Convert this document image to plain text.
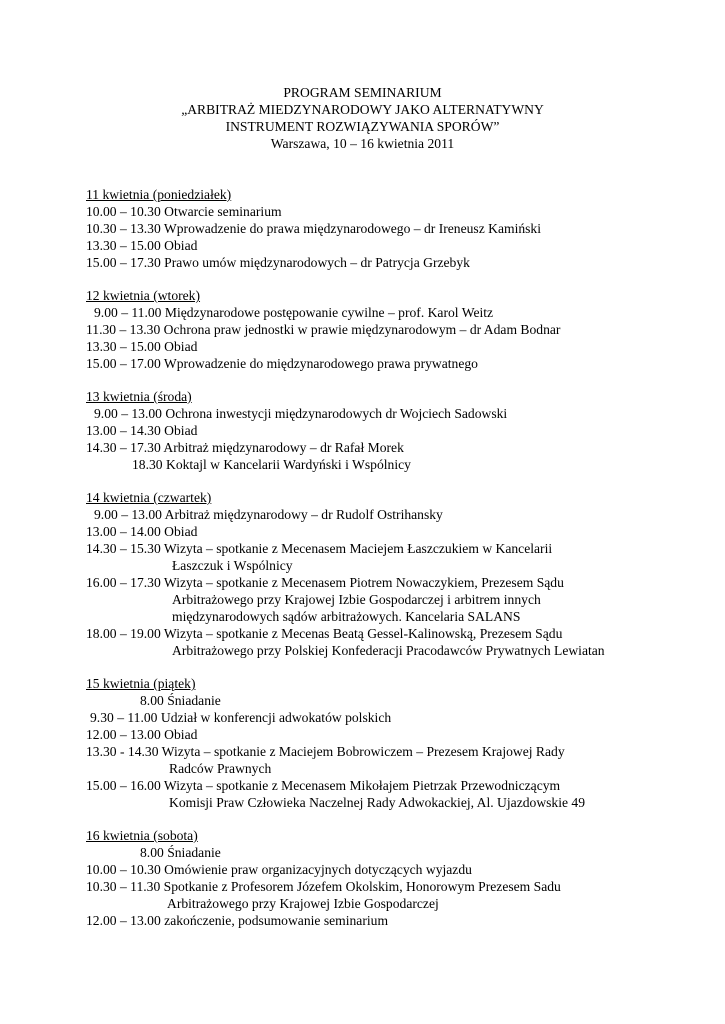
PROGRAM SEMINARIUM
„ARBITRAŻ MIEDZYNARODOWY JAKO ALTERNATYWNY
INSTRUMENT ROZWIĄZYWANIA SPORÓW”
Warszawa, 10 – 16 kwietnia 2011
11 kwietnia (poniedziałek)
10.00 – 10.30 Otwarcie seminarium
10.30 – 13.30 Wprowadzenie do prawa międzynarodowego – dr Ireneusz Kamiński
13.30 – 15.00 Obiad
15.00 – 17.30 Prawo umów międzynarodowych – dr Patrycja Grzebyk
12 kwietnia (wtorek)
9.00 – 11.00 Międzynarodowe postępowanie cywilne – prof. Karol Weitz
11.30 – 13.30 Ochrona praw jednostki w prawie międzynarodowym – dr Adam Bodnar
13.30 – 15.00 Obiad
15.00 – 17.00 Wprowadzenie do międzynarodowego prawa prywatnego
13 kwietnia (środa)
9.00 – 13.00 Ochrona inwestycji międzynarodowych dr Wojciech Sadowski
13.00 – 14.30 Obiad
14.30 – 17.30 Arbitraż międzynarodowy – dr Rafał Morek
18.30 Koktajl w Kancelarii Wardyński i Wspólnicy
14 kwietnia (czwartek)
9.00 – 13.00 Arbitraż międzynarodowy – dr Rudolf Ostrihansky
13.00 – 14.00 Obiad
14.30 – 15.30 Wizyta – spotkanie z Mecenasem Maciejem Łaszczukiem w Kancelarii
Łaszczuk i Wspólnicy
16.00 – 17.30 Wizyta – spotkanie z Mecenasem Piotrem Nowaczykiem, Prezesem Sądu
Arbitrażowego przy Krajowej Izbie Gospodarczej i arbitrem innych
międzynarodowych sądów arbitrażowych. Kancelaria SALANS
18.00 – 19.00 Wizyta – spotkanie z Mecenas Beatą Gessel-Kalinowską, Prezesem Sądu
Arbitrażowego przy Polskiej Konfederacji Pracodawców Prywatnych Lewiatan
15 kwietnia (piątek)
8.00 Śniadanie
9.30 – 11.00 Udział w konferencji adwokatów polskich
12.00 – 13.00 Obiad
13.30 - 14.30 Wizyta – spotkanie z Maciejem Bobrowiczem – Prezesem Krajowej Rady
Radców Prawnych
15.00 – 16.00 Wizyta – spotkanie z Mecenasem Mikołajem Pietrzak Przewodniczącym
Komisji Praw Człowieka Naczelnej Rady Adwokackiej, Al. Ujazdowskie 49
16 kwietnia (sobota)
8.00 Śniadanie
10.00 – 10.30 Omówienie praw organizacyjnych dotyczących wyjazdu
10.30 – 11.30 Spotkanie z Profesorem Józefem Okolskim, Honorowym Prezesem Sadu
Arbitrażowego przy Krajowej Izbie Gospodarczej
12.00 – 13.00 zakończenie, podsumowanie seminarium
